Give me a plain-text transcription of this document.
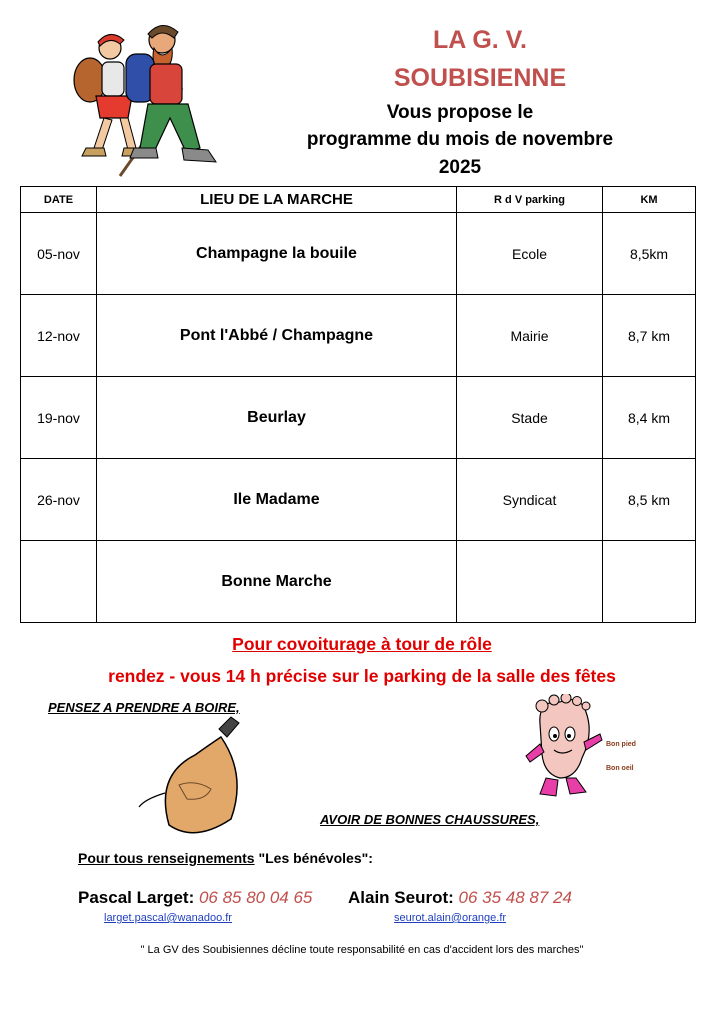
LA G. V.
SOUBISIENNE
Vous propose le
programme du mois de novembre
2025
DATE	LIEU DE LA MARCHE	R d V parking	KM
05-nov	Champagne la bouile	Ecole	8,5km
12-nov	Pont l'Abbé / Champagne	Mairie	8,7 km
19-nov	Beurlay	Stade	8,4 km
26-nov	Ile Madame	Syndicat	8,5 km
	Bonne Marche		
Pour covoiturage à tour de rôle
rendez - vous 14 h précise sur le parking de la salle des fêtes
PENSEZ A PRENDRE A BOIRE,
Bon pied
Bon oeil
AVOIR DE BONNES CHAUSSURES,
Pour tous renseignements "Les bénévoles":
Pascal Larget: 06 85 80 04 65 Alain Seurot: 06 35 48 87 24
larget.pascal@wanadoo.fr	seurot.alain@orange.fr
" La GV des Soubisiennes décline toute responsabilité en cas d'accident lors des marches"
